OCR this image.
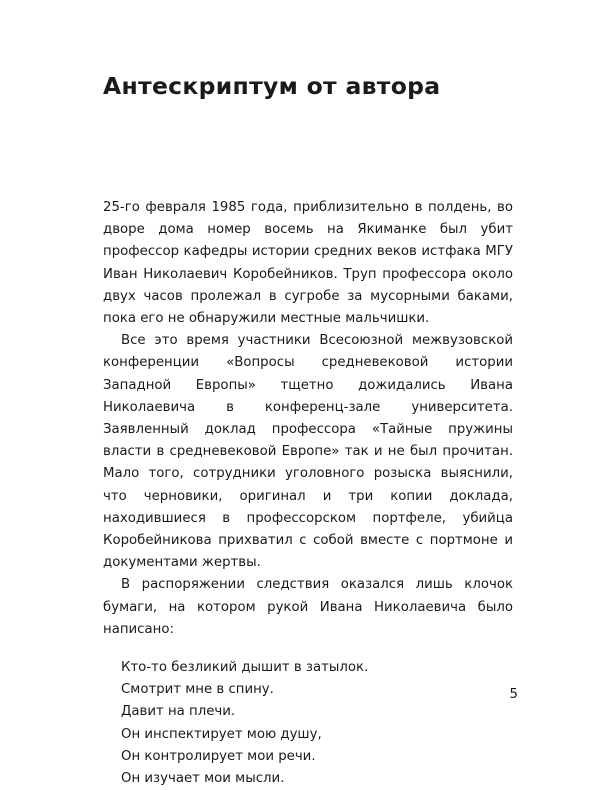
Антескриптум от автора

25-го февраля 1985 года, приблизительно в полдень, во дворе дома номер восемь на Якиманке был убит профессор кафедры истории средних веков истфака МГУ Иван Николаевич Коробейников. Труп профессора около двух часов пролежал в сугробе за мусорными баками, пока его не обнаружили местные мальчишки.

Все это время участники Всесоюзной межвузовской конференции «Вопросы средневековой истории Западной Европы» тщетно дожидались Ивана Николаевича в конференц-зале университета. Заявленный доклад профессора «Тайные пружины власти в средневековой Европе» так и не был прочитан. Мало того, сотрудники уголовного розыска выяснили, что черновики, оригинал и три копии доклада, находившиеся в профессорском портфеле, убийца Коробейникова прихватил с собой вместе с портмоне и документами жертвы.

В распоряжении следствия оказался лишь клочок бумаги, на котором рукой Ивана Николаевича было написано:

Кто-то безликий дышит в затылок.
Смотрит мне в спину.
Давит на плечи.
Он инспектирует мою душу,
Он контролирует мои речи.
Он изучает мои мысли.
5
